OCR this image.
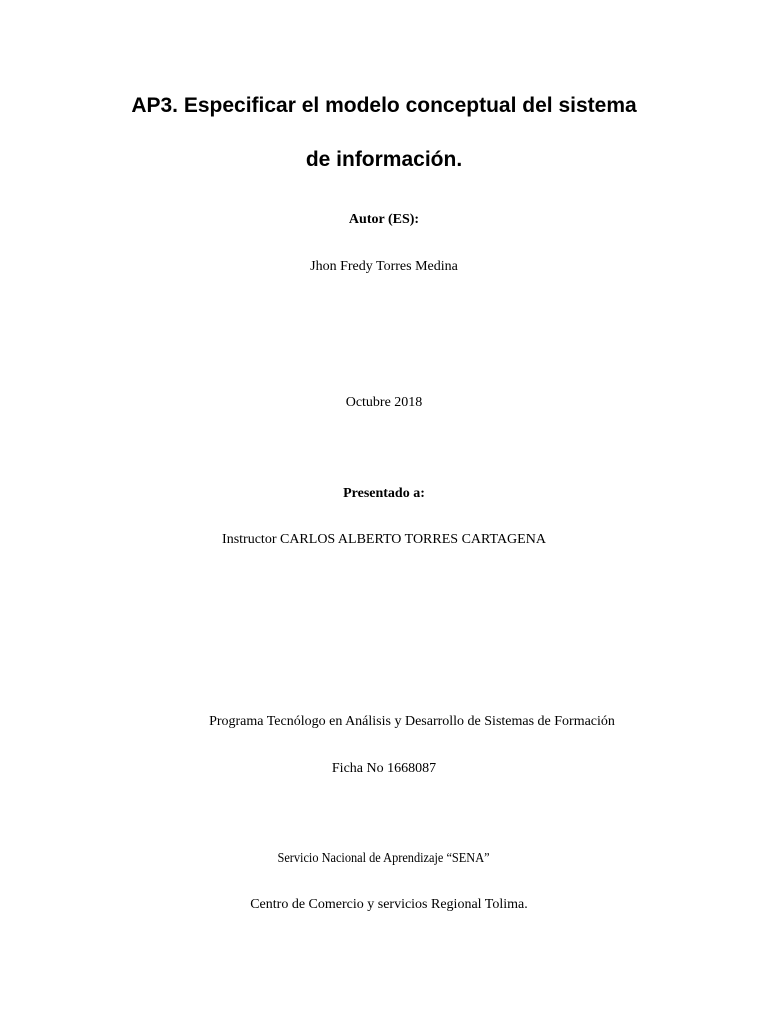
AP3. Especificar el modelo conceptual del sistema
de información.
Autor (ES):
Jhon Fredy Torres Medina
Octubre 2018
Presentado a:
Instructor CARLOS ALBERTO TORRES CARTAGENA
Programa Tecnólogo en Análisis y Desarrollo de Sistemas de Formación
Ficha No 1668087
Servicio Nacional de Aprendizaje “SENA”
Centro de Comercio y servicios Regional Tolima.
